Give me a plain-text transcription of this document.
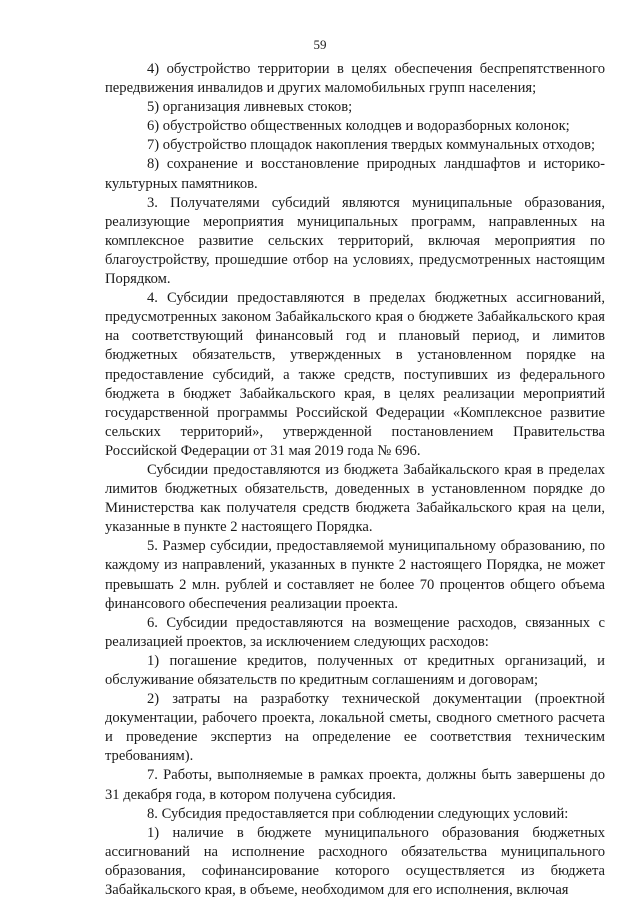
59

4) обустройство территории в целях обеспечения беспрепятственного передвижения инвалидов и других маломобильных групп населения;

5) организация ливневых стоков;

6) обустройство общественных колодцев и водоразборных колонок;

7) обустройство площадок накопления твердых коммунальных отходов;

8) сохранение и восстановление природных ландшафтов и историко-культурных памятников.

3. Получателями субсидий являются муниципальные образования, реализующие мероприятия муниципальных программ, направленных на комплексное развитие сельских территорий, включая мероприятия по благоустройству, прошедшие отбор на условиях, предусмотренных настоящим Порядком.

4. Субсидии предоставляются в пределах бюджетных ассигнований, предусмотренных законом Забайкальского края о бюджете Забайкальского края на соответствующий финансовый год и плановый период, и лимитов бюджетных обязательств, утвержденных в установленном порядке на предоставление субсидий, а также средств, поступивших из федерального бюджета в бюджет Забайкальского края, в целях реализации мероприятий государственной программы Российской Федерации «Комплексное развитие сельских территорий», утвержденной постановлением Правительства Российской Федерации от 31 мая 2019 года № 696.

Субсидии предоставляются из бюджета Забайкальского края в пределах лимитов бюджетных обязательств, доведенных в установленном порядке до Министерства как получателя средств бюджета Забайкальского края на цели, указанные в пункте 2 настоящего Порядка.

5. Размер субсидии, предоставляемой муниципальному образованию, по каждому из направлений, указанных в пункте 2 настоящего Порядка, не может превышать 2 млн. рублей и составляет не более 70 процентов общего объема финансового обеспечения реализации проекта.

6. Субсидии предоставляются на возмещение расходов, связанных с реализацией проектов, за исключением следующих расходов:

1) погашение кредитов, полученных от кредитных организаций, и обслуживание обязательств по кредитным соглашениям и договорам;

2) затраты на разработку технической документации (проектной документации, рабочего проекта, локальной сметы, сводного сметного расчета и проведение экспертиз на определение ее соответствия техническим требованиям).

7. Работы, выполняемые в рамках проекта, должны быть завершены до 31 декабря года, в котором получена субсидия.

8. Субсидия предоставляется при соблюдении следующих условий:

1) наличие в бюджете муниципального образования бюджетных ассигнований на исполнение расходного обязательства муниципального образования, софинансирование которого осуществляется из бюджета Забайкальского края, в объеме, необходимом для его исполнения, включая
